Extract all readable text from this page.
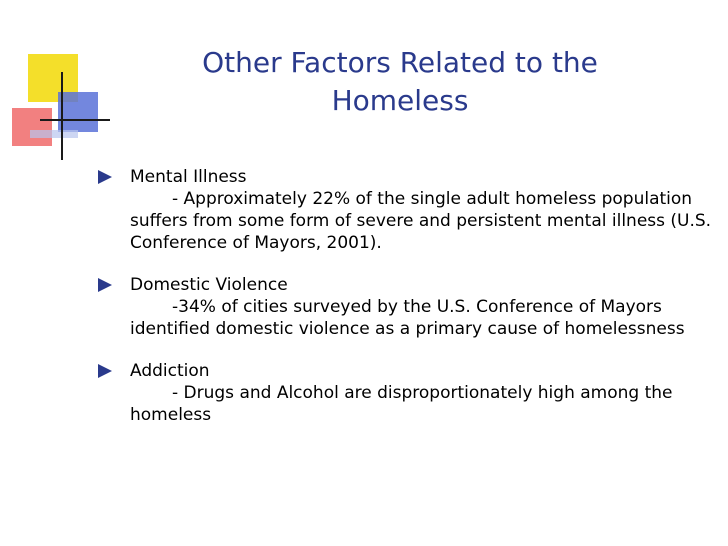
Other Factors Related to the
Homeless
Mental Illness
- Approximately 22% of the single adult homeless population suffers from some form of severe and persistent mental illness (U.S. Conference of Mayors, 2001).
Domestic Violence
-34% of cities surveyed by the U.S. Conference of Mayors identified domestic violence as a primary cause of homelessness
Addiction
- Drugs and Alcohol are disproportionately high among the homeless
